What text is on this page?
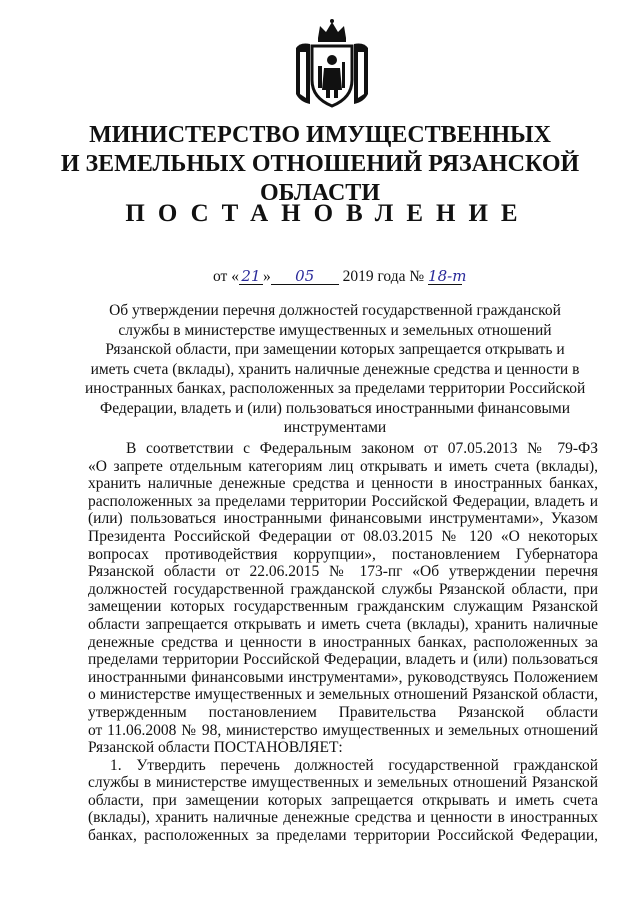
МИНИСТЕРСТВО ИМУЩЕСТВЕННЫХ
И ЗЕМЕЛЬНЫХ ОТНОШЕНИЙ РЯЗАНСКОЙ ОБЛАСТИ
ПОСТАНОВЛЕНИЕ
от « 21 » 05 2019 года № 18-т
Об утверждении перечня должностей государственной гражданской
службы в министерстве имущественных и земельных отношений
Рязанской области, при замещении которых запрещается открывать и
иметь счета (вклады), хранить наличные денежные средства и ценности в
иностранных банках, расположенных за пределами территории Российской
Федерации, владеть и (или) пользоваться иностранными финансовыми
инструментами
В соответствии с Федеральным законом от 07.05.2013 № 79-ФЗ
«О запрете отдельным категориям лиц открывать и иметь счета (вклады),
хранить наличные денежные средства и ценности в иностранных банках,
расположенных за пределами территории Российской Федерации, владеть и
(или) пользоваться иностранными финансовыми инструментами», Указом
Президента Российской Федерации от 08.03.2015 № 120 «О некоторых
вопросах противодействия коррупции», постановлением Губернатора
Рязанской области от 22.06.2015 № 173-пг «Об утверждении перечня
должностей государственной гражданской службы Рязанской области, при
замещении которых государственным гражданским служащим Рязанской
области запрещается открывать и иметь счета (вклады), хранить наличные
денежные средства и ценности в иностранных банках, расположенных за
пределами территории Российской Федерации, владеть и (или) пользоваться
иностранными финансовыми инструментами», руководствуясь Положением
о министерстве имущественных и земельных отношений Рязанской области,
утвержденным постановлением Правительства Рязанской области
от 11.06.2008 № 98, министерство имущественных и земельных отношений
Рязанской области ПОСТАНОВЛЯЕТ:
1. Утвердить перечень должностей государственной гражданской
службы в министерстве имущественных и земельных отношений Рязанской
области, при замещении которых запрещается открывать и иметь счета
(вклады), хранить наличные денежные средства и ценности в иностранных
банках, расположенных за пределами территории Российской Федерации,
